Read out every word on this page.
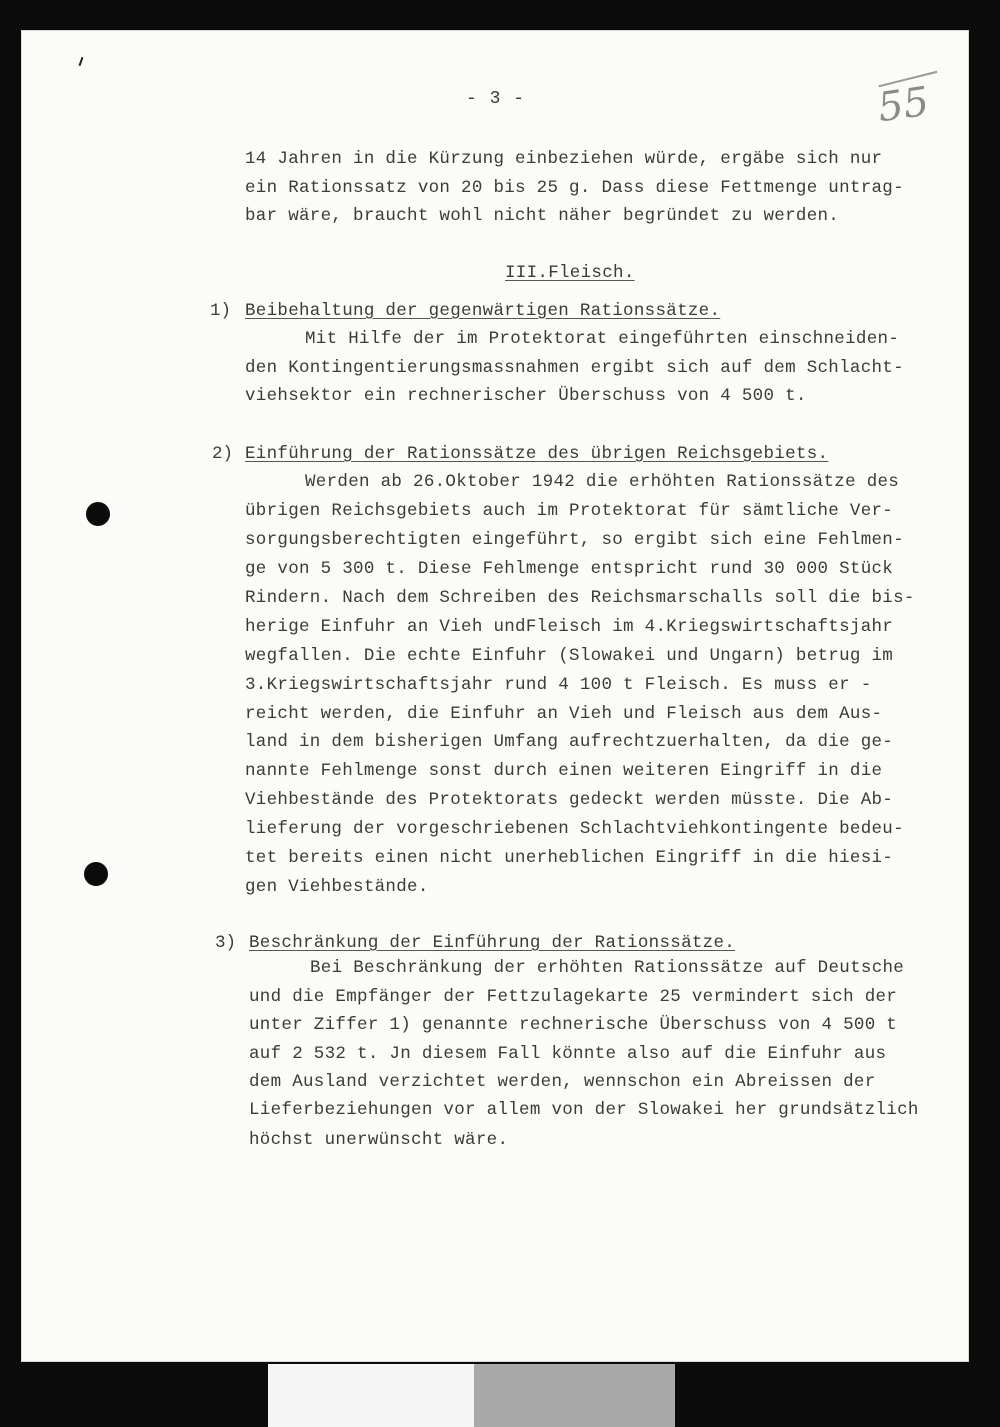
- 3 -	55
14 Jahren in die Kürzung einbeziehen würde, ergäbe sich nur
ein Rationssatz von 20 bis 25 g. Dass diese Fettmenge untrag-
bar wäre, braucht wohl nicht näher begründet zu werden.
III.Fleisch.
1) Beibehaltung der gegenwärtigen Rationssätze.
Mit Hilfe der im Protektorat eingeführten einschneiden-
den Kontingentierungsmassnahmen ergibt sich auf dem Schlacht-
viehsektor ein rechnerischer Überschuss von 4 500 t.
2) Einführung der Rationssätze des übrigen Reichsgebiets.
Werden ab 26.Oktober 1942 die erhöhten Rationssätze des
übrigen Reichsgebiets auch im Protektorat für sämtliche Ver-
sorgungsberechtigten eingeführt, so ergibt sich eine Fehlmen-
ge von 5 300 t. Diese Fehlmenge entspricht rund 30 000 Stück
Rindern. Nach dem Schreiben des Reichsmarschalls soll die bis-
herige Einfuhr an Vieh undFleisch im 4.Kriegswirtschaftsjahr
wegfallen. Die echte Einfuhr (Slowakei und Ungarn) betrug im
3.Kriegswirtschaftsjahr rund 4 100 t Fleisch. Es muss er -
reicht werden, die Einfuhr an Vieh und Fleisch aus dem Aus-
land in dem bisherigen Umfang aufrechtzuerhalten, da die ge-
nannte Fehlmenge sonst durch einen weiteren Eingriff in die
Viehbestände des Protektorats gedeckt werden müsste. Die Ab-
lieferung der vorgeschriebenen Schlachtviehkontingente bedeu-
tet bereits einen nicht unerheblichen Eingriff in die hiesi-
gen Viehbestände.
3) Beschränkung der Einführung der Rationssätze.
Bei Beschränkung der erhöhten Rationssätze auf Deutsche
und die Empfänger der Fettzulagekarte 25 vermindert sich der
unter Ziffer 1) genannte rechnerische Überschuss von 4 500 t
auf 2 532 t. Jn diesem Fall könnte also auf die Einfuhr aus
dem Ausland verzichtet werden, wennschon ein Abreissen der
Lieferbeziehungen vor allem von der Slowakei her grundsätzlich
höchst unerwünscht wäre.
